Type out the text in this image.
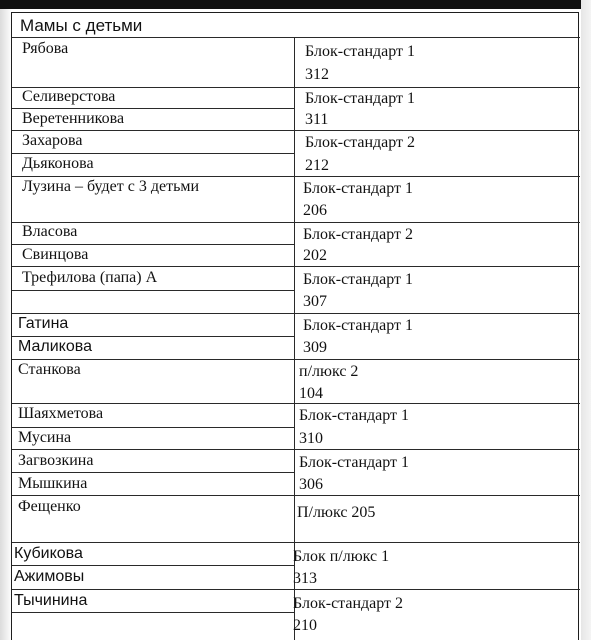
Мамы с детьми
Рябова
Селиверстова
Веретенникова
Захарова
Дьяконова
Лузина – будет с 3 детьми
Власова
Свинцова
Трефилова (папа) А
Гатина
Маликова
Станкова
Шаяхметова
Мусина
Загвозкина
Мышкина
Фещенко
Кубикова
Ажимовы
Тычинина
Блок-стандарт 1
312
Блок-стандарт 1
311
Блок-стандарт 2
212
Блок-стандарт 1
206
Блок-стандарт 2
202
Блок-стандарт 1
307
Блок-стандарт 1
309
п/люкс 2
104
Блок-стандарт 1
310
Блок-стандарт 1
306
П/люкс 205
Блок п/люкс 1
313
Блок-стандарт 2
210
